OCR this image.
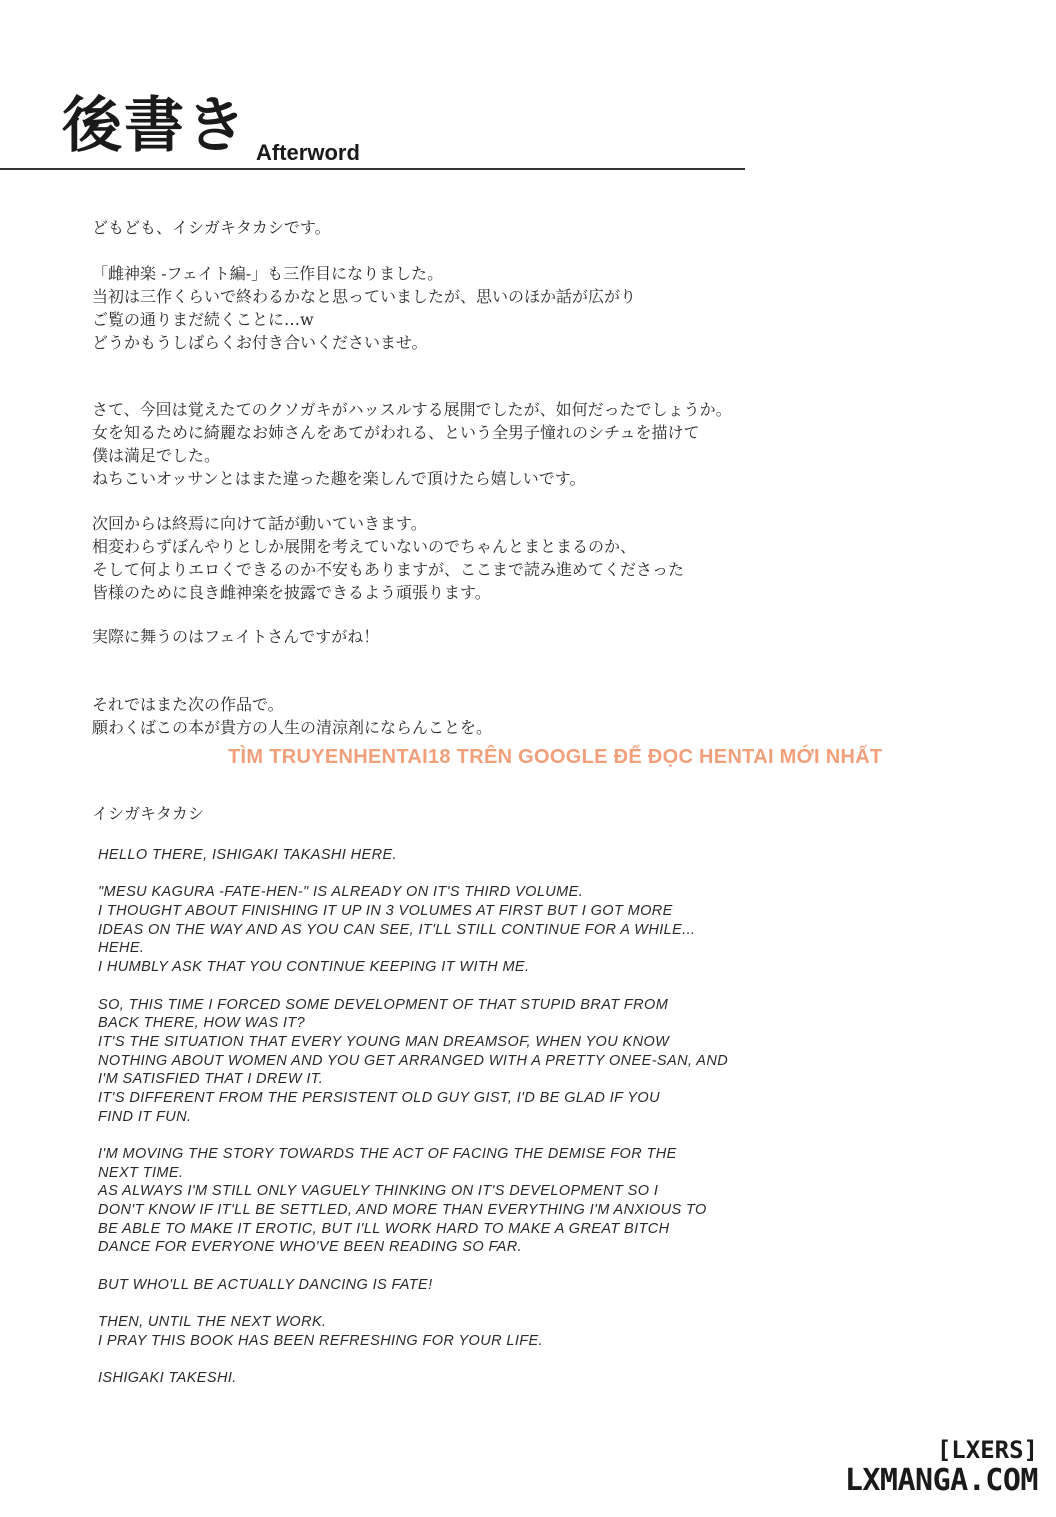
後書き Afterword
どもども、イシガキタカシです。
「雌神楽 -フェイト編-」も三作目になりました。
当初は三作くらいで終わるかなと思っていましたが、思いのほか話が広がり
ご覧の通りまだ続くことに…w
どうかもうしばらくお付き合いくださいませ。
さて、今回は覚えたてのクソガキがハッスルする展開でしたが、如何だったでしょうか。
女を知るために綺麗なお姉さんをあてがわれる、という全男子憧れのシチュを描けて
僕は満足でした。
ねちこいオッサンとはまた違った趣を楽しんで頂けたら嬉しいです。
次回からは終焉に向けて話が動いていきます。
相変わらずぼんやりとしか展開を考えていないのでちゃんとまとまるのか、
そして何よりエロくできるのか不安もありますが、ここまで読み進めてくださった
皆様のために良き雌神楽を披露できるよう頑張ります。
実際に舞うのはフェイトさんですがね！
それではまた次の作品で。
願わくばこの本が貴方の人生の清涼剤にならんことを。
TÌM TRUYENHENTAI18 TRÊN GOOGLE ĐỂ ĐỌC HENTAI MỚI NHẤT
イシガキタカシ
HELLO THERE, ISHIGAKI TAKASHI HERE.
"MESU KAGURA -FATE-HEN-" IS ALREADY ON IT'S THIRD VOLUME.
I THOUGHT ABOUT FINISHING IT UP IN 3 VOLUMES AT FIRST BUT I GOT MORE
IDEAS ON THE WAY AND AS YOU CAN SEE, IT'LL STILL CONTINUE FOR A WHILE...
HEHE.
I HUMBLY ASK THAT YOU CONTINUE KEEPING IT WITH ME.
SO, THIS TIME I FORCED SOME DEVELOPMENT OF THAT STUPID BRAT FROM
BACK THERE, HOW WAS IT?
IT'S THE SITUATION THAT EVERY YOUNG MAN DREAMSOF, WHEN YOU KNOW
NOTHING ABOUT WOMEN AND YOU GET ARRANGED WITH A PRETTY ONEE-SAN, AND
I'M SATISFIED THAT I DREW IT.
IT'S DIFFERENT FROM THE PERSISTENT OLD GUY GIST, I'D BE GLAD IF YOU
FIND IT FUN.
I'M MOVING THE STORY TOWARDS THE ACT OF FACING THE DEMISE FOR THE
NEXT TIME.
AS ALWAYS I'M STILL ONLY VAGUELY THINKING ON IT'S DEVELOPMENT SO I
DON'T KNOW IF IT'LL BE SETTLED, AND MORE THAN EVERYTHING I'M ANXIOUS TO
BE ABLE TO MAKE IT EROTIC, BUT I'LL WORK HARD TO MAKE A GREAT BITCH
DANCE FOR EVERYONE WHO'VE BEEN READING SO FAR.
BUT WHO'LL BE ACTUALLY DANCING IS FATE!
THEN, UNTIL THE NEXT WORK.
I PRAY THIS BOOK HAS BEEN REFRESHING FOR YOUR LIFE.
ISHIGAKI TAKESHI.
[LXERS]
LXMANGA.COM
